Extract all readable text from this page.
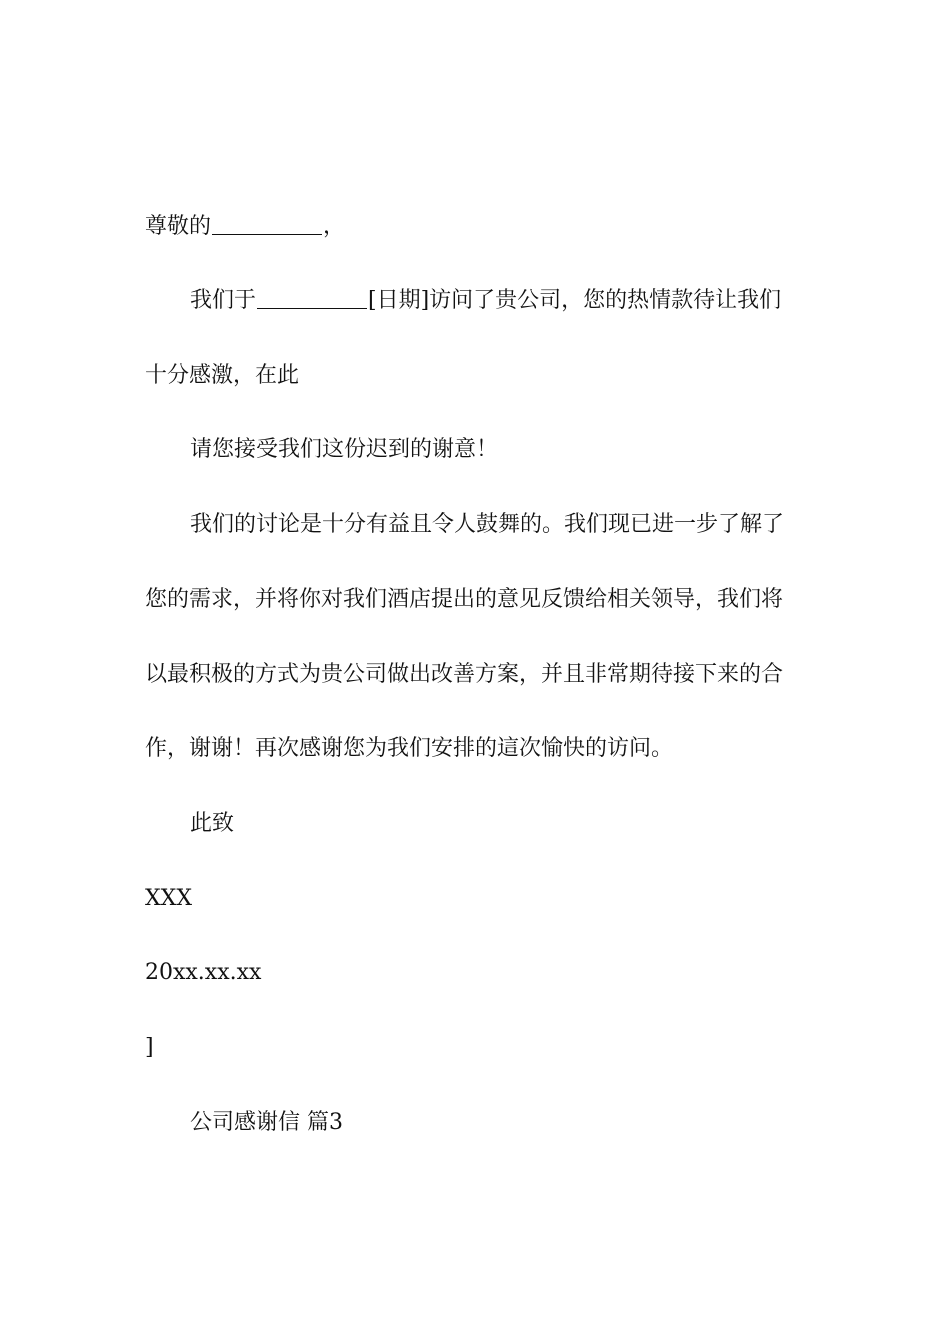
尊敬的	，
我们于	[日期]访问了贵公司，您的热情款待让我们
十分感激，在此
请您接受我们这份迟到的谢意！
我们的讨论是十分有益且令人鼓舞的。我们现已进一步了解了
您的需求，并将你对我们酒店提出的意见反馈给相关领导，我们将
以最积极的方式为贵公司做出改善方案，并且非常期待接下来的合
作，谢谢！再次感谢您为我们安排的這次愉快的访问。
此致
XXX
20xx.xx.xx
]
公司感谢信 篇3
